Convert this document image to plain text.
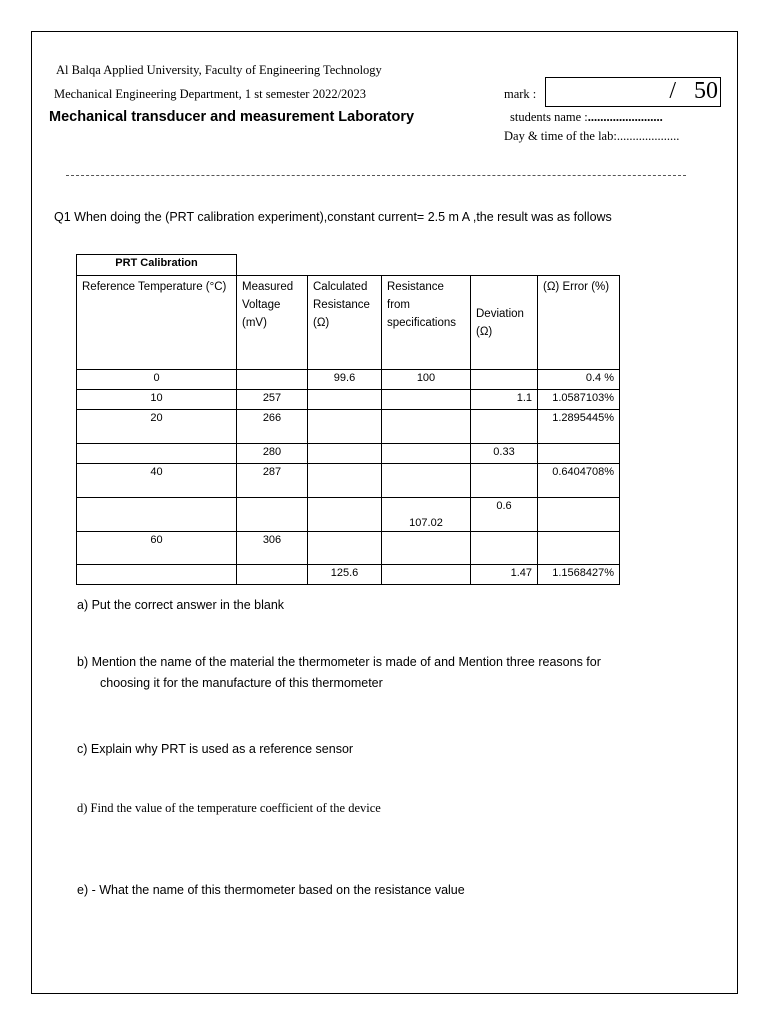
Al Balqa Applied University, Faculty of Engineering Technology
Mechanical Engineering Department, 1 st semester 2022/2023
Mechanical transducer and measurement Laboratory
mark :	/ 50
students name :........................
Day & time of the lab:....................
Q1 When doing the (PRT calibration experiment),constant current= 2.5 m A ,the result was as follows
PRT Calibration					
Reference Temperature (°C)	Measured Voltage (mV)	Calculated Resistance (Ω)	Resistance from specifications	Deviation (Ω)	(Ω) Error (%)
0		99.6	100		0.4 %
10	257			1.1	1.0587103%
20	266				1.2895445%
	280			0.33	
40	287				0.6404708%
			107.02	0.6	
60	306				
		125.6		1.47	1.1568427%
a) Put the correct answer in the blank
b) Mention the name of the material the thermometer is made of and Mention three reasons for
choosing it for the manufacture of this thermometer
c) Explain why PRT is used as a reference sensor
d) Find the value of the temperature coefficient of the device
e) - What the name of this thermometer based on the resistance value
